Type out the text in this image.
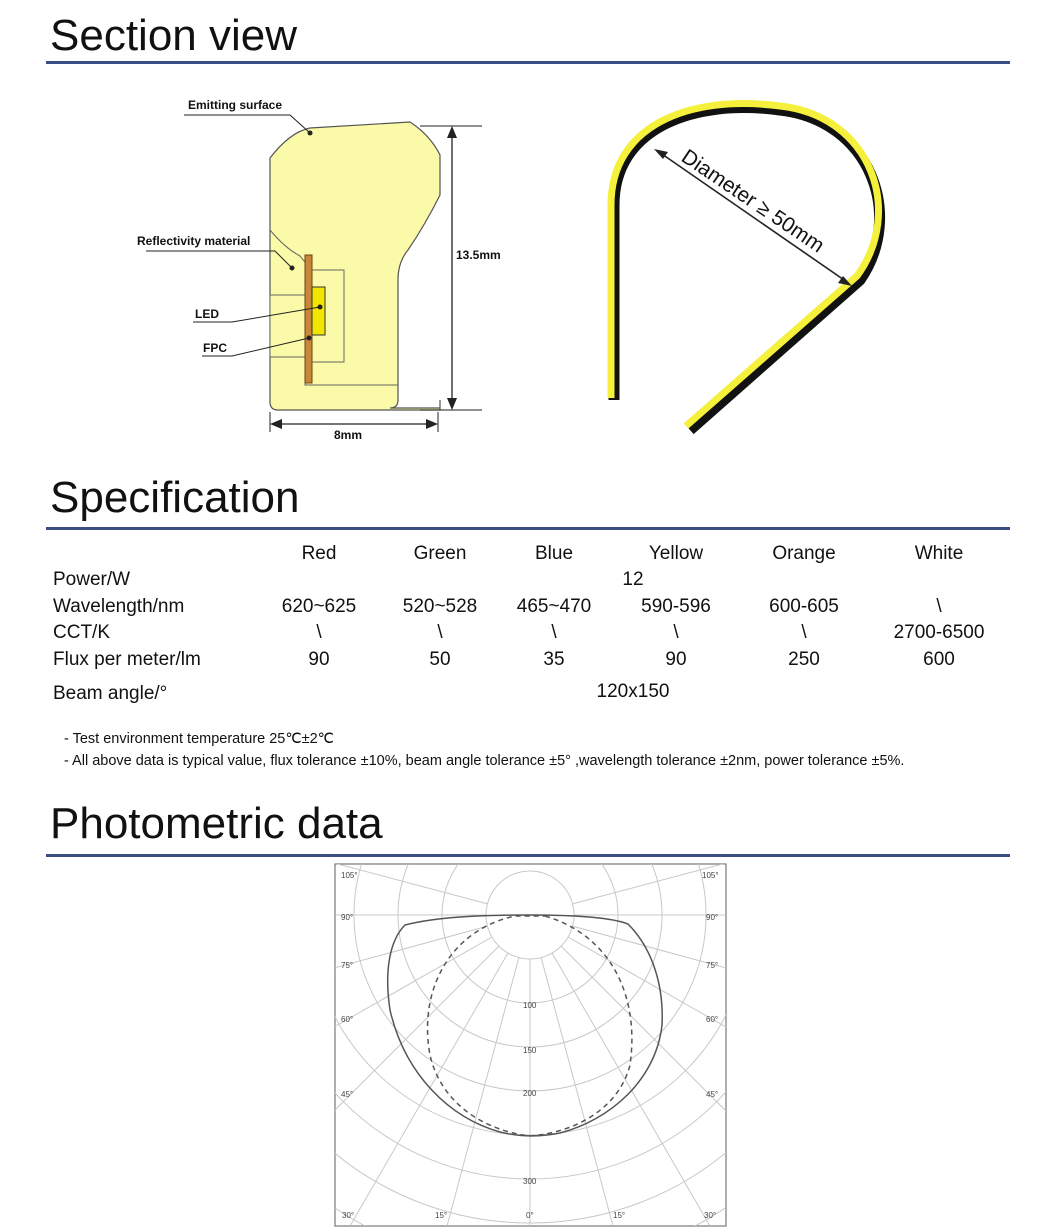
Section view
Specification
Photometric data
13.5mm
8mm
Emitting surface
Reflectivity material
LED
FPC
Diameter ≥ 50mm
Red	Green	Blue	Yellow	Orange	White
Power/W	12
Wavelength/nm	620~625	520~528	465~470	590-596	600-605	\
CCT/K	\	\	\	\	\	2700-6500
Flux per meter/lm	90	50	35	90	250	600
Beam angle/°	120x150
- Test environment temperature 25℃±2℃
- All above data is typical value, flux tolerance ±10%, beam angle tolerance ±5° ,wavelength tolerance ±2nm, power tolerance ±5%.
105°
90°
75°
60°
45°
105°
90°
75°
60°
45°
30°	15°	0°	15°	30°
100
150
200
300
